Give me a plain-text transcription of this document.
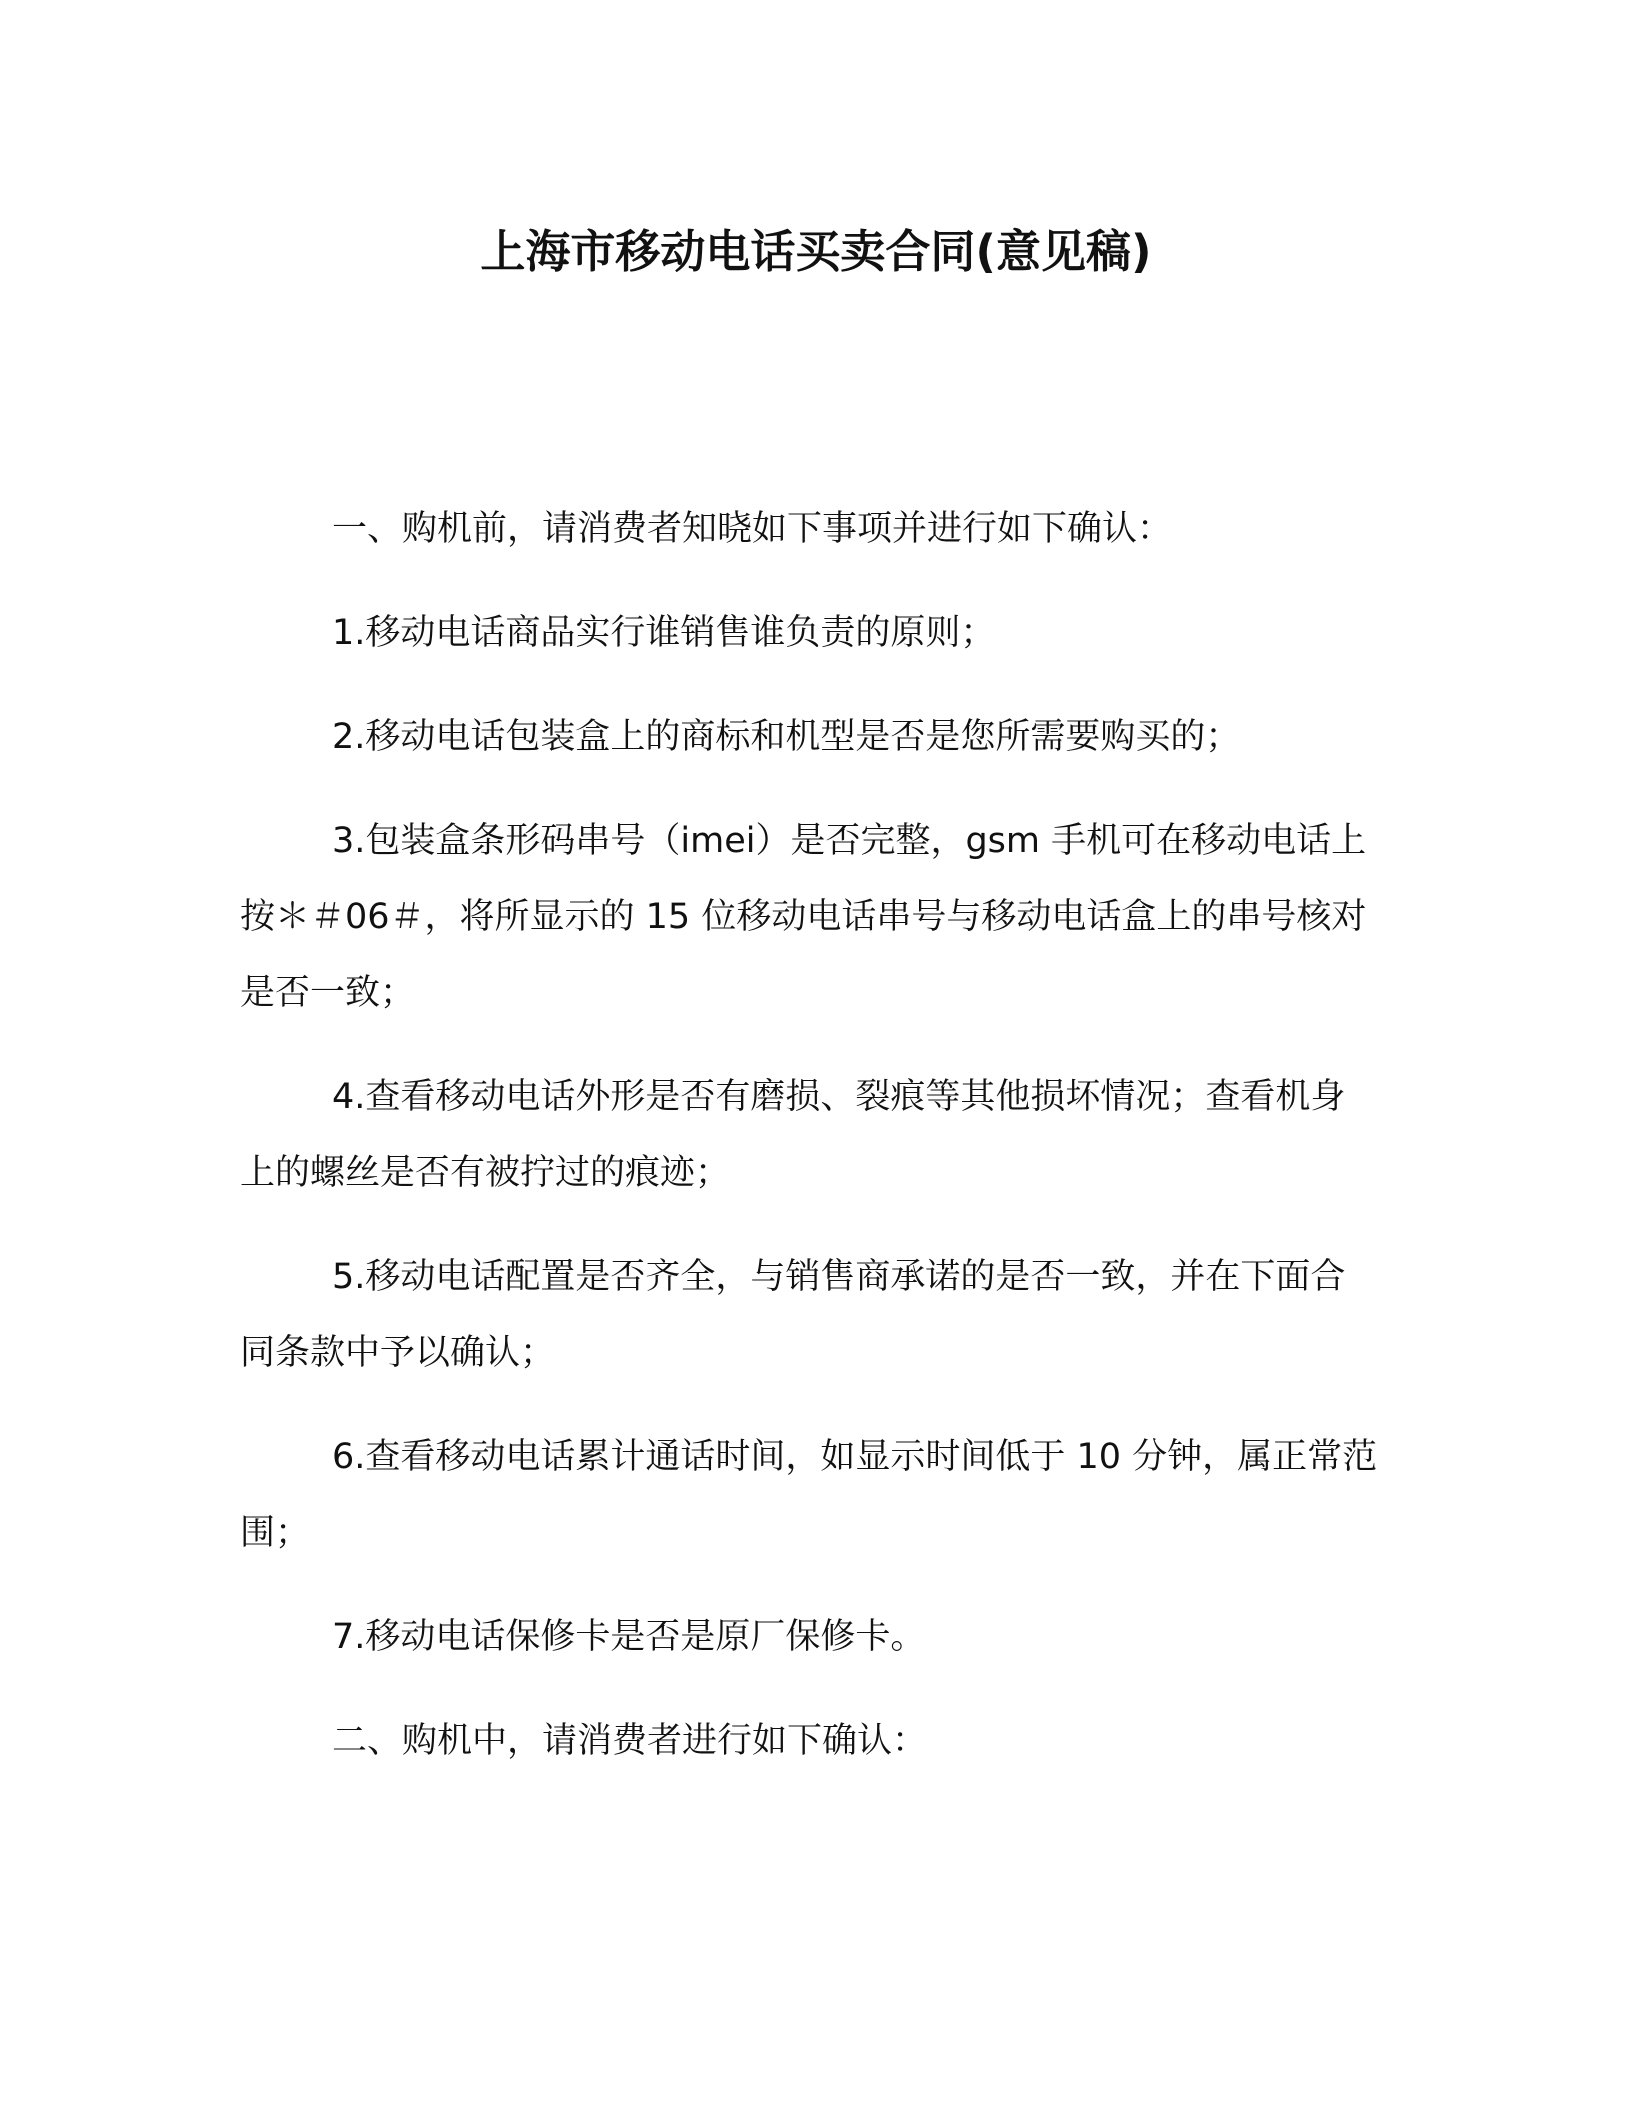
上海市移动电话买卖合同(意见稿)

一、购机前，请消费者知晓如下事项并进行如下确认：

1.移动电话商品实行谁销售谁负责的原则；

2.移动电话包装盒上的商标和机型是否是您所需要购买的；

3.包装盒条形码串号（imei）是否完整，gsm 手机可在移动电话上按＊＃06＃，将所显示的 15 位移动电话串号与移动电话盒上的串号核对是否一致；

4.查看移动电话外形是否有磨损、裂痕等其他损坏情况；查看机身上的螺丝是否有被拧过的痕迹；

5.移动电话配置是否齐全，与销售商承诺的是否一致，并在下面合同条款中予以确认；

6.查看移动电话累计通话时间，如显示时间低于 10 分钟，属正常范围；

7.移动电话保修卡是否是原厂保修卡。

二、购机中，请消费者进行如下确认：
